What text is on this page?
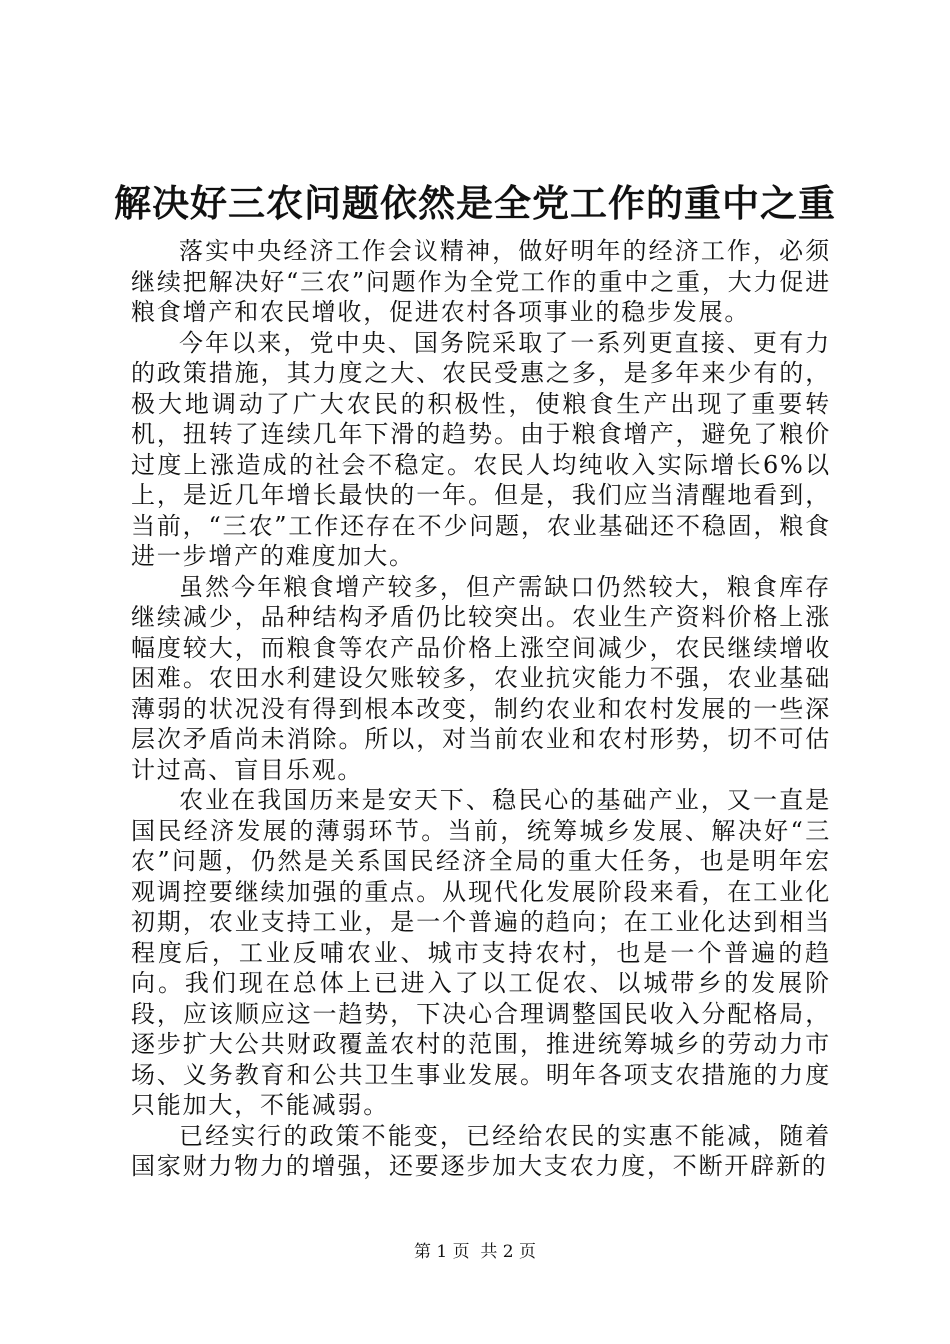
解决好三农问题依然是全党工作的重中之重

落实中央经济工作会议精神，做好明年的经济工作，必须继续把解决好“三农”问题作为全党工作的重中之重，大力促进粮食增产和农民增收，促进农村各项事业的稳步发展。

今年以来，党中央、国务院采取了一系列更直接、更有力的政策措施，其力度之大、农民受惠之多，是多年来少有的，极大地调动了广大农民的积极性，使粮食生产出现了重要转机，扭转了连续几年下滑的趋势。由于粮食增产，避免了粮价过度上涨造成的社会不稳定。农民人均纯收入实际增长6%以上，是近几年增长最快的一年。但是，我们应当清醒地看到，当前，“三农”工作还存在不少问题，农业基础还不稳固，粮食进一步增产的难度加大。

虽然今年粮食增产较多，但产需缺口仍然较大，粮食库存继续减少，品种结构矛盾仍比较突出。农业生产资料价格上涨幅度较大，而粮食等农产品价格上涨空间减少，农民继续增收困难。农田水利建设欠账较多，农业抗灾能力不强，农业基础薄弱的状况没有得到根本改变，制约农业和农村发展的一些深层次矛盾尚未消除。所以，对当前农业和农村形势，切不可估计过高、盲目乐观。

农业在我国历来是安天下、稳民心的基础产业，又一直是国民经济发展的薄弱环节。当前，统筹城乡发展、解决好“三农”问题，仍然是关系国民经济全局的重大任务，也是明年宏观调控要继续加强的重点。从现代化发展阶段来看，在工业化初期，农业支持工业，是一个普遍的趋向；在工业化达到相当程度后，工业反哺农业、城市支持农村，也是一个普遍的趋向。我们现在总体上已进入了以工促农、以城带乡的发展阶段，应该顺应这一趋势，下决心合理调整国民收入分配格局，逐步扩大公共财政覆盖农村的范围，推进统筹城乡的劳动力市场、义务教育和公共卫生事业发展。明年各项支农措施的力度只能加大，不能减弱。

已经实行的政策不能变，已经给农民的实惠不能减，随着国家财力物力的增强，还要逐步加大支农力度，不断开辟新的

第 1 页  共 2 页
